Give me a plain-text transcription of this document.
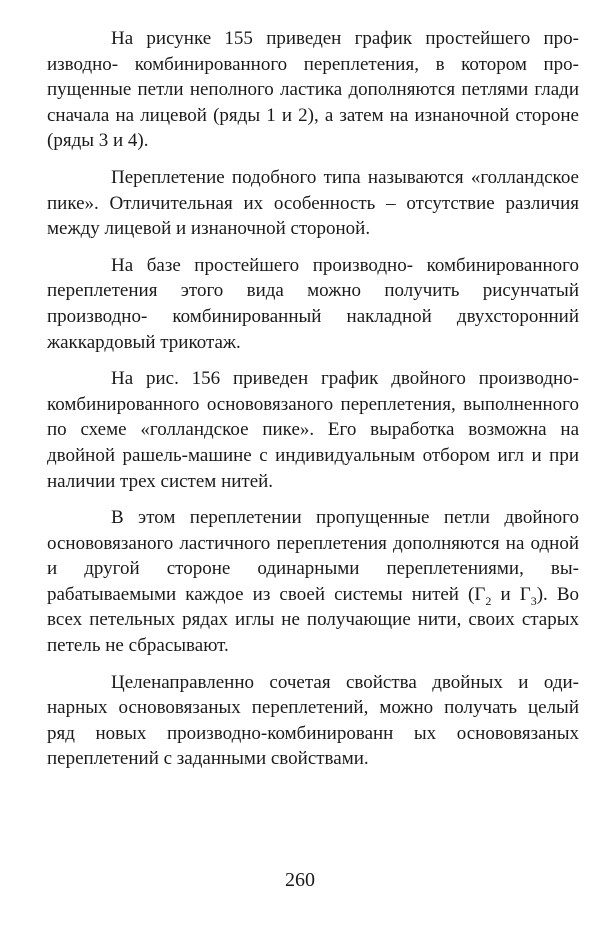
На рисунке 155 приведен график простейшего производно- комбинированного переплетения, в котором пропущенные петли неполного ластика дополняются петлями глади сначала на лицевой (ряды 1 и 2), а затем на изнаночной стороне (ряды 3 и 4).

Переплетение подобного типа называются «голландское пике». Отличительная их особенность – отсутствие различия между лицевой и изнаночной стороной.

На базе простейшего производно- комбинированного переплетения этого вида можно получить рисунчатый производно- комбинированный накладной двухсторонний жаккардовый трикотаж.

На рис. 156 приведен график двойного производнокомбинированного основовязаного переплетения, выполненного по схеме «голландское пике». Его выработка возможна на двойной рашель-машине с индивидуальным отбором игл и при наличии трех систем нитей.

В этом переплетении пропущенные петли двойного основовязаного ластичного переплетения дополняются на одной и другой стороне одинарными переплетениями, вырабатываемыми каждое из своей системы нитей ($Г_2$ и $Г_3$). Во всех петельных рядах иглы не получающие нити, своих старых петель не сбрасывают.

Целенаправленно сочетая свойства двойных и одинарных основовязаных переплетений, можно получать целый ряд новых производно-комбинированн ых основовязаных переплетений с заданными свойствами.

260
